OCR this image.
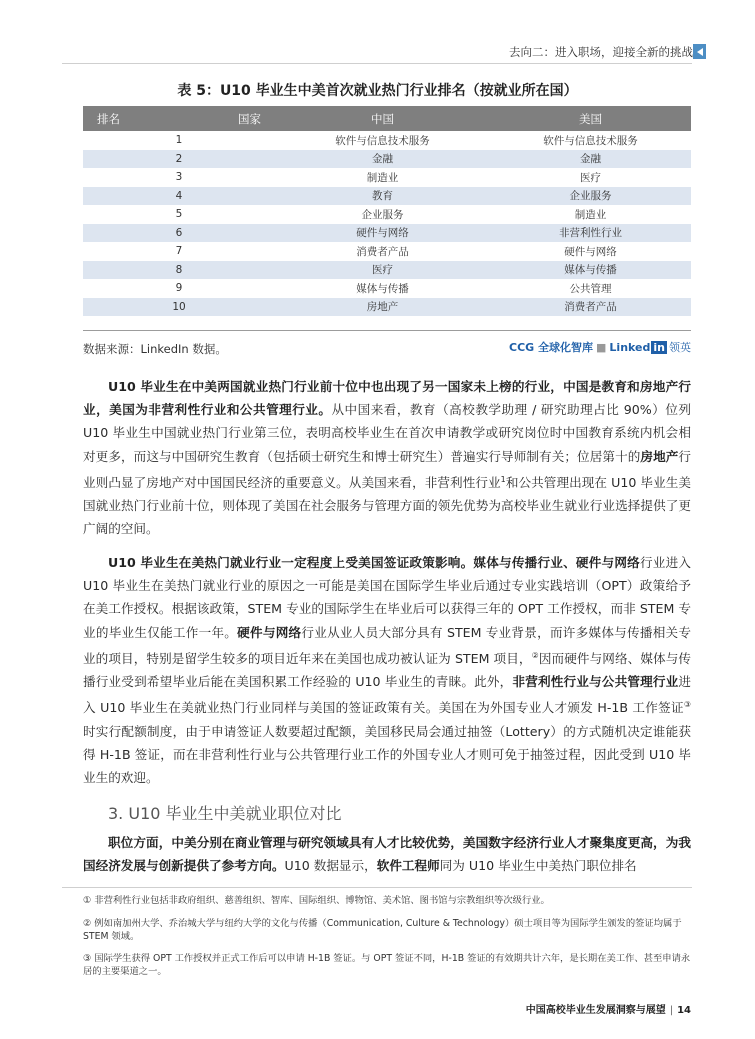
去向二：进入职场，迎接全新的挑战
表 5：U10 毕业生中美首次就业热门行业排名（按就业所在国）
排名 国家	中国	美国
1	软件与信息技术服务	软件与信息技术服务
2	金融	金融
3	制造业	医疗
4	教育	企业服务
5	企业服务	制造业
6	硬件与网络	非营利性行业
7	消费者产品	硬件与网络
8	医疗	媒体与传播
9	媒体与传播	公共管理
10	房地产	消费者产品
数据来源：LinkedIn 数据。	CCG 全球化智库 ■ Linked in 领英

U10 毕业生在中美两国就业热门行业前十位中也出现了另一国家未上榜的行业，中国是教育和房地产行业，美国为非营利性行业和公共管理行业。从中国来看，教育（高校教学助理 / 研究助理占比 90%）位列 U10 毕业生中国就业热门行业第三位，表明高校毕业生在首次申请教学或研究岗位时中国教育系统内机会相对更多，而这与中国研究生教育（包括硕士研究生和博士研究生）普遍实行导师制有关；位居第十的房地产行业则凸显了房地产对中国国民经济的重要意义。从美国来看，非营利性行业$^1$和公共管理出现在 U10 毕业生美国就业热门行业前十位，则体现了美国在社会服务与管理方面的领先优势为高校毕业生就业行业选择提供了更广阔的空间。

U10 毕业生在美热门就业行业一定程度上受美国签证政策影响。媒体与传播行业、硬件与网络行业进入 U10 毕业生在美热门就业行业的原因之一可能是美国在国际学生毕业后通过专业实践培训（OPT）政策给予在美工作授权。根据该政策，STEM 专业的国际学生在毕业后可以获得三年的 OPT 工作授权，而非 STEM 专业的毕业生仅能工作一年。硬件与网络行业从业人员大部分具有 STEM 专业背景，而许多媒体与传播相关专业的项目，特别是留学生较多的项目近年来在美国也成功被认证为 STEM 项目，②因而硬件与网络、媒体与传播行业受到希望毕业后能在美国积累工作经验的 U10 毕业生的青睐。此外，非营利性行业与公共管理行业进入 U10 毕业生在美就业热门行业同样与美国的签证政策有关。美国在为外国专业人才颁发 H-1B 工作签证③时实行配额制度，由于申请签证人数要超过配额，美国移民局会通过抽签（Lottery）的方式随机决定谁能获得 H-1B 签证，而在非营利性行业与公共管理行业工作的外国专业人才则可免于抽签过程，因此受到 U10 毕业生的欢迎。

3. U10 毕业生中美就业职位对比

职位方面，中美分别在商业管理与研究领域具有人才比较优势，美国数字经济行业人才聚集度更高，为我国经济发展与创新提供了参考方向。U10 数据显示，软件工程师同为 U10 毕业生中美热门职位排名

① 非营利性行业包括非政府组织、慈善组织、智库、国际组织、博物馆、美术馆、图书馆与宗教组织等次级行业。

② 例如南加州大学、乔治城大学与纽约大学的文化与传播（Communication, Culture & Technology）硕士项目等为国际学生颁发的签证均属于 STEM 领域。

③ 国际学生获得 OPT 工作授权并正式工作后可以申请 H-1B 签证。与 OPT 签证不同，H-1B 签证的有效期共计六年，是长期在美工作、甚至申请永居的主要渠道之一。

中国高校毕业生发展洞察与展望 | 14
